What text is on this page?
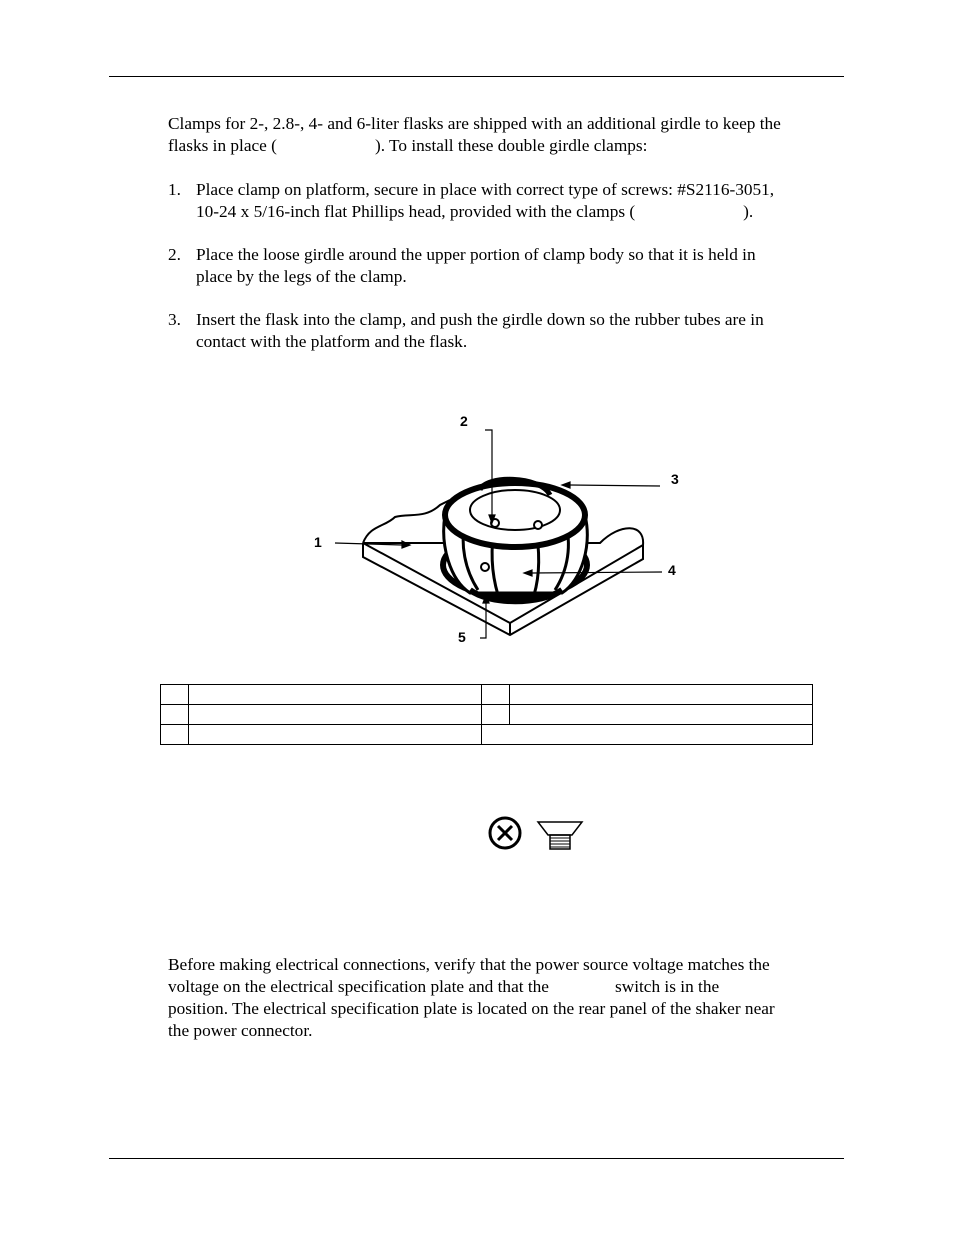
Clamps for 2-, 2.8-, 4- and 6-liter flasks are shipped with an additional girdle to keep the
flasks in place (	). To install these double girdle clamps:

1. Place clamp on platform, secure in place with correct type of screws: #S2116-3051,
10-24 x 5/16-inch flat Phillips head, provided with the clamps (	).
2. Place the loose girdle around the upper portion of clamp body so that it is held in
place by the legs of the clamp.
3. Insert the flask into the clamp, and push the girdle down so the rubber tubes are in
contact with the platform and the flask.
1
2
3
4
5

Before making electrical connections, verify that the power source voltage matches the
voltage on the electrical specification plate and that the	switch is in the
position. The electrical specification plate is located on the rear panel of the shaker near
the power connector.
